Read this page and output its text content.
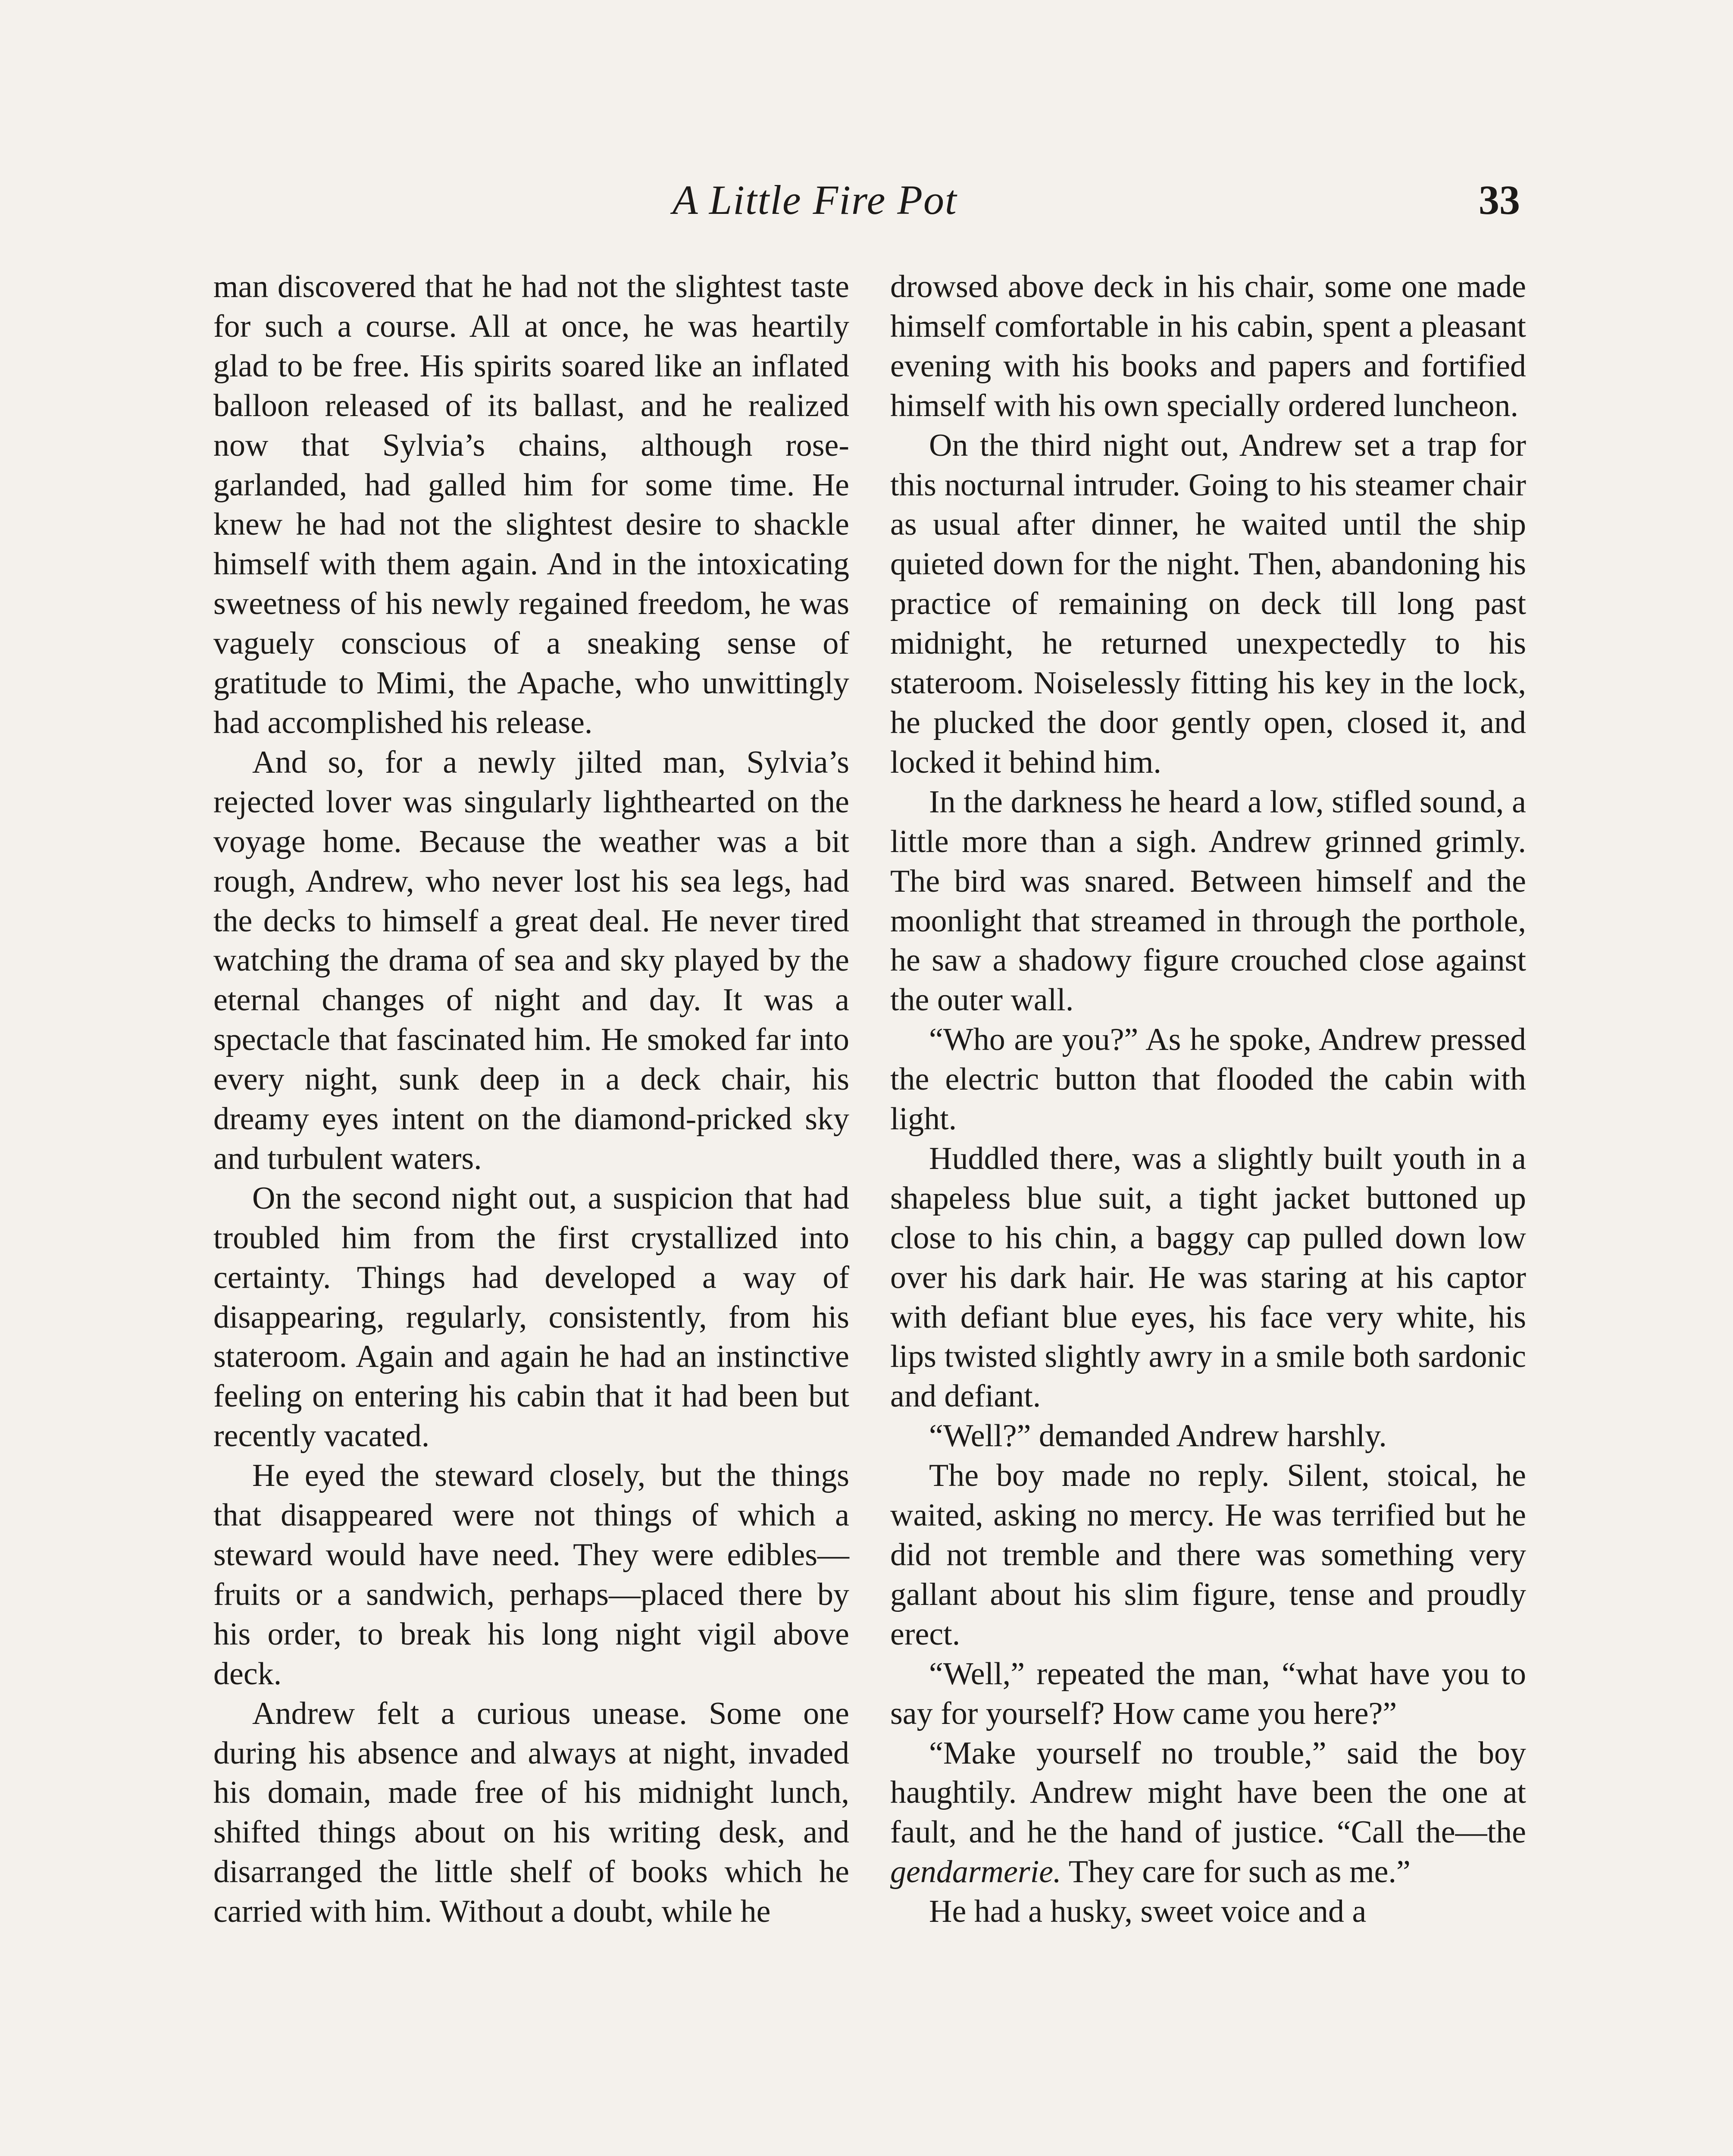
A Little Fire Pot	33

man discovered that he had not the slightest taste for such a course. All at once, he was heartily glad to be free. His spirits soared like an inflated balloon released of its ballast, and he realized now that Sylvia’s chains, although rose-garlanded, had galled him for some time. He knew he had not the slightest desire to shackle himself with them again. And in the intoxicating sweetness of his newly regained freedom, he was vaguely conscious of a sneaking sense of gratitude to Mimi, the Apache, who unwittingly had accomplished his release.

And so, for a newly jilted man, Sylvia’s rejected lover was singularly lighthearted on the voyage home. Because the weather was a bit rough, Andrew, who never lost his sea legs, had the decks to himself a great deal. He never tired watching the drama of sea and sky played by the eternal changes of night and day. It was a spectacle that fascinated him. He smoked far into every night, sunk deep in a deck chair, his dreamy eyes intent on the diamond-pricked sky and turbulent waters.

On the second night out, a suspicion that had troubled him from the first crystallized into certainty. Things had developed a way of disappearing, regularly, consistently, from his stateroom. Again and again he had an instinctive feeling on entering his cabin that it had been but recently vacated.

He eyed the steward closely, but the things that disappeared were not things of which a steward would have need. They were edibles—fruits or a sandwich, perhaps—placed there by his order, to break his long night vigil above deck.

Andrew felt a curious unease. Some one during his absence and always at night, invaded his domain, made free of his midnight lunch, shifted things about on his writing desk, and disarranged the little shelf of books which he carried with him. Without a doubt, while he

drowsed above deck in his chair, some one made himself comfortable in his cabin, spent a pleasant evening with his books and papers and fortified himself with his own specially ordered luncheon.

On the third night out, Andrew set a trap for this nocturnal intruder. Going to his steamer chair as usual after dinner, he waited until the ship quieted down for the night. Then, abandoning his practice of remaining on deck till long past midnight, he returned unexpectedly to his stateroom. Noiselessly fitting his key in the lock, he plucked the door gently open, closed it, and locked it behind him.

In the darkness he heard a low, stifled sound, a little more than a sigh. Andrew grinned grimly. The bird was snared. Between himself and the moonlight that streamed in through the porthole, he saw a shadowy figure crouched close against the outer wall.

“Who are you?” As he spoke, Andrew pressed the electric button that flooded the cabin with light.

Huddled there, was a slightly built youth in a shapeless blue suit, a tight jacket buttoned up close to his chin, a baggy cap pulled down low over his dark hair. He was staring at his captor with defiant blue eyes, his face very white, his lips twisted slightly awry in a smile both sardonic and defiant.

“Well?” demanded Andrew harshly.

The boy made no reply. Silent, stoical, he waited, asking no mercy. He was terrified but he did not tremble and there was something very gallant about his slim figure, tense and proudly erect.

“Well,” repeated the man, “what have you to say for yourself? How came you here?”

“Make yourself no trouble,” said the boy haughtily. Andrew might have been the one at fault, and he the hand of justice. “Call the—the gendarmerie. They care for such as me.”

He had a husky, sweet voice and a
